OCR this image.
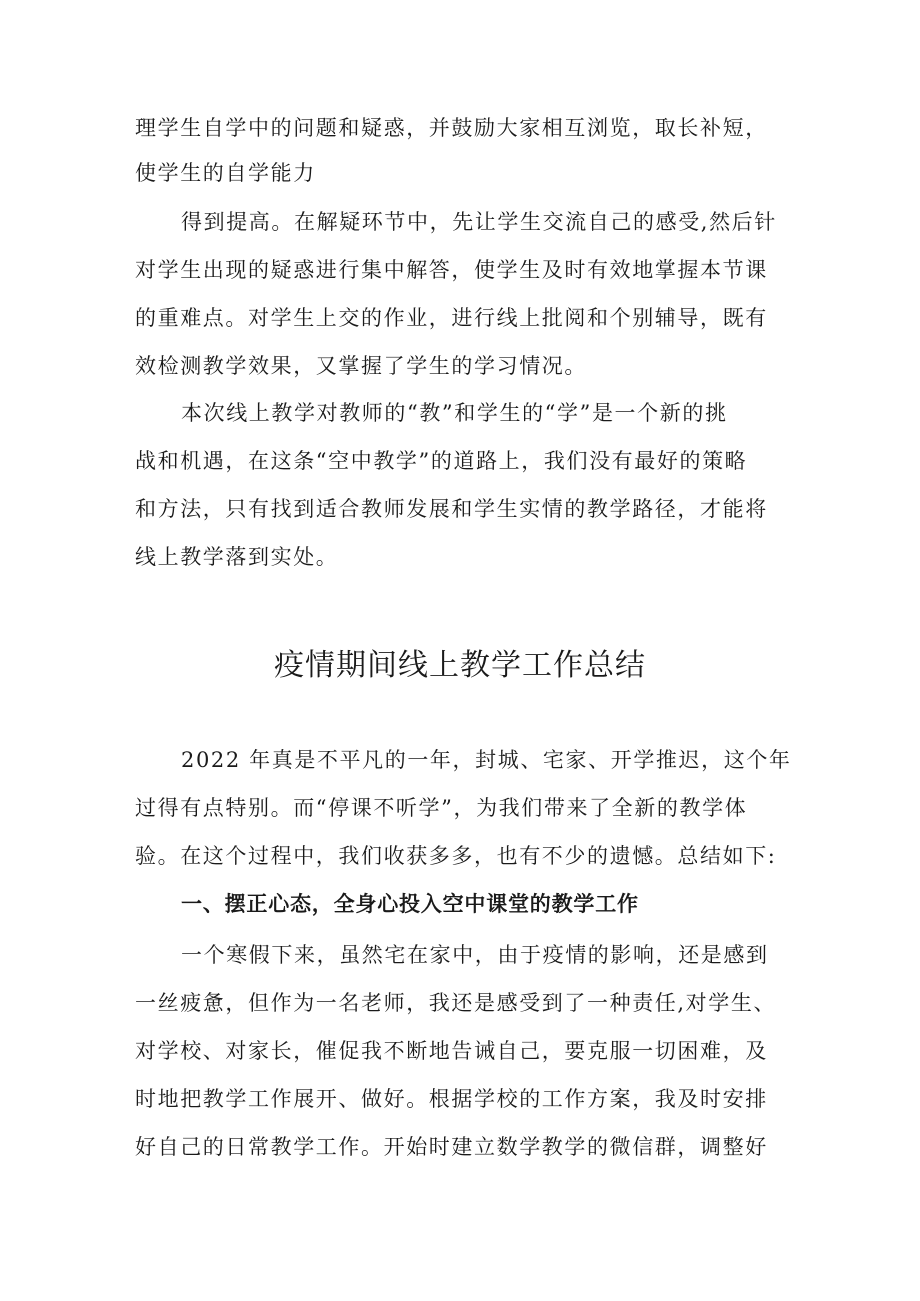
理学生自学中的问题和疑惑，并鼓励大家相互浏览，取长补短，
使学生的自学能力
得到提高。在解疑环节中，先让学生交流自己的感受,然后针
对学生出现的疑惑进行集中解答，使学生及时有效地掌握本节课
的重难点。对学生上交的作业，进行线上批阅和个别辅导，既有
效检测教学效果，又掌握了学生的学习情况。
本次线上教学对教师的“教”和学生的“学”是一个新的挑
战和机遇，在这条“空中教学”的道路上，我们没有最好的策略
和方法，只有找到适合教师发展和学生实情的教学路径，才能将
线上教学落到实处。
疫情期间线上教学工作总结
2022 年真是不平凡的一年，封城、宅家、开学推迟，这个年
过得有点特别。而“停课不听学”，为我们带来了全新的教学体
验。在这个过程中，我们收获多多，也有不少的遗憾。总结如下:
一、摆正心态，全身心投入空中课堂的教学工作
一个寒假下来，虽然宅在家中，由于疫情的影响，还是感到
一丝疲惫，但作为一名老师，我还是感受到了一种责任,对学生、
对学校、对家长，催促我不断地告诫自己，要克服一切困难，及
时地把教学工作展开、做好。根据学校的工作方案，我及时安排
好自己的日常教学工作。开始时建立数学教学的微信群，调整好
